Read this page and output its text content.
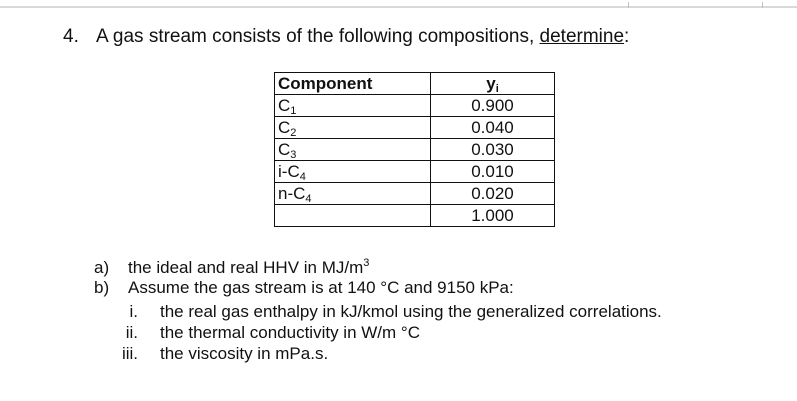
4. A gas stream consists of the following compositions, determine:
Component	$y_i$
$C_1$	0.900
$C_2$	0.040
$C_3$	0.030
$i-C_4$	0.010
$n-C_4$	0.020
	1.000
a) the ideal and real HHV in $MJ/m^3$
b) Assume the gas stream is at 140 °C and 9150 kPa:
i. the real gas enthalpy in kJ/kmol using the generalized correlations.
ii. the thermal conductivity in W/m °C
iii. the viscosity in mPa.s.
